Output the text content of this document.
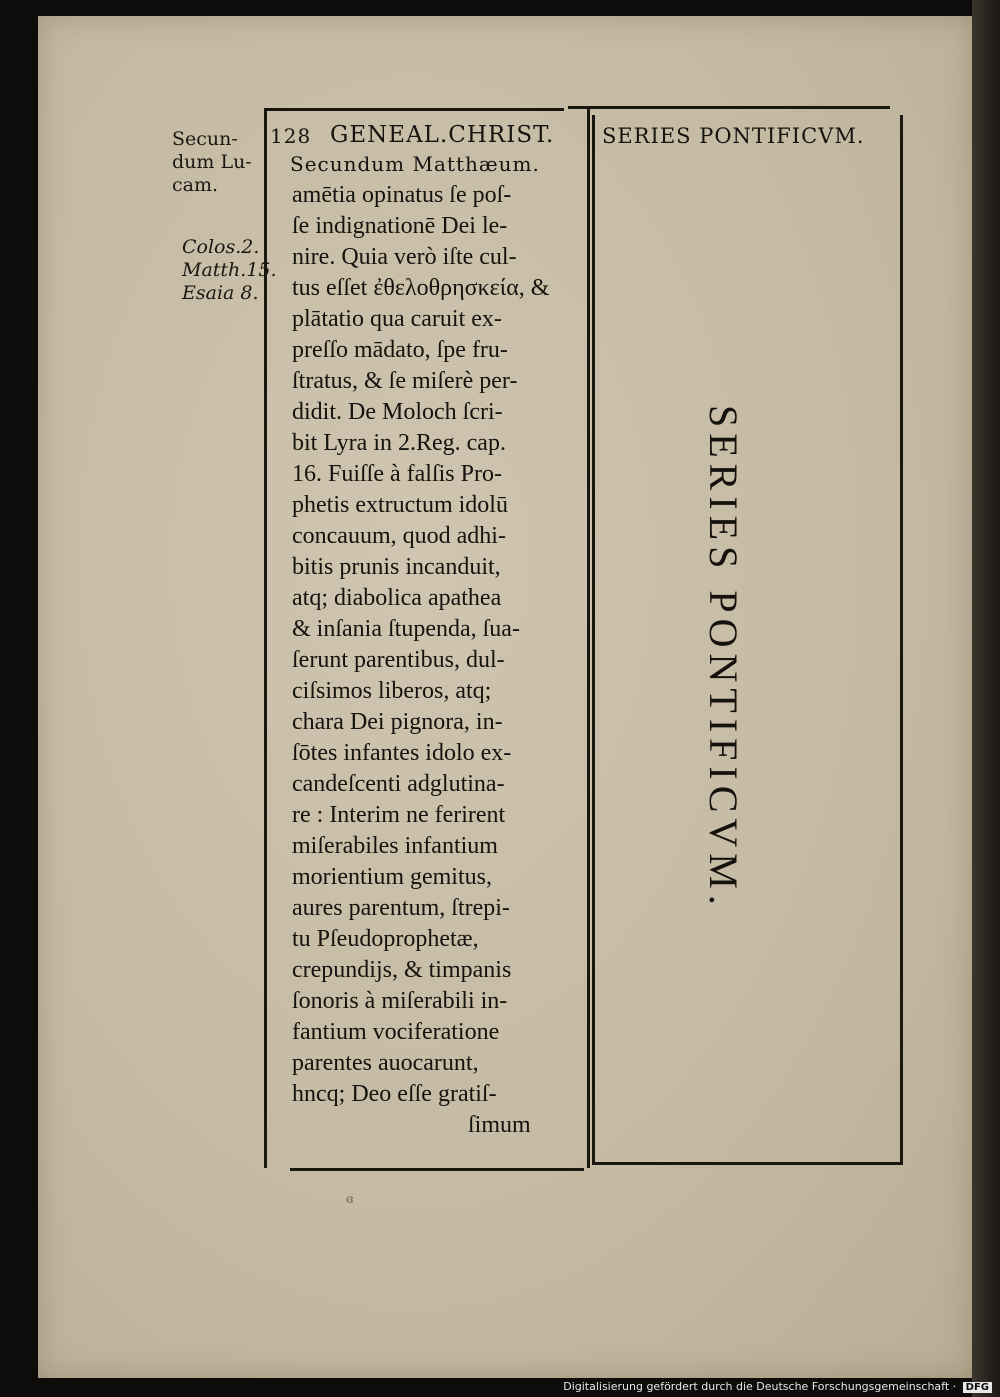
Secun-
dum Lu-
cam.
Colos.2.
Matth.15.
Esaia 8.
128 GENEAL.CHRIST.
Secundum Matthæum.
amētia opinatus ſe poſ-
ſe indignationē Dei le-
nire. Quia verò iſte cul-
tus eſſet ἐθελοθρησκεία, &
plātatio qua caruit ex-
preſſo mādato, ſpe fru-
ſtratus, & ſe miſerè per-
didit. De Moloch ſcri-
bit Lyra in 2.Reg. cap.
16. Fuiſſe à falſis Pro-
phetis extructum idolū
concauum, quod adhi-
bitis prunis incanduit,
atq; diabolica apathea
& inſania ſtupenda, ſua-
ſerunt parentibus, dul-
ciſsimos liberos, atq;
chara Dei pignora, in-
ſōtes infantes idolo ex-
candeſcenti adglutina-
re : Interim ne ferirent
miſerabiles infantium
morientium gemitus,
aures parentum, ſtrepi-
tu Pſeudoprophetæ,
crepundijs, & timpanis
ſonoris à miſerabili in-
fantium vociferatione
parentes auocarunt,
hncq; Deo eſſe gratiſ-
ſimum
SERIES PONTIFICVM.
SERIES PONTIFICVM.
ɞ
Digitalisierung gefördert durch die Deutsche Forschungsgemeinschaft · DFG
